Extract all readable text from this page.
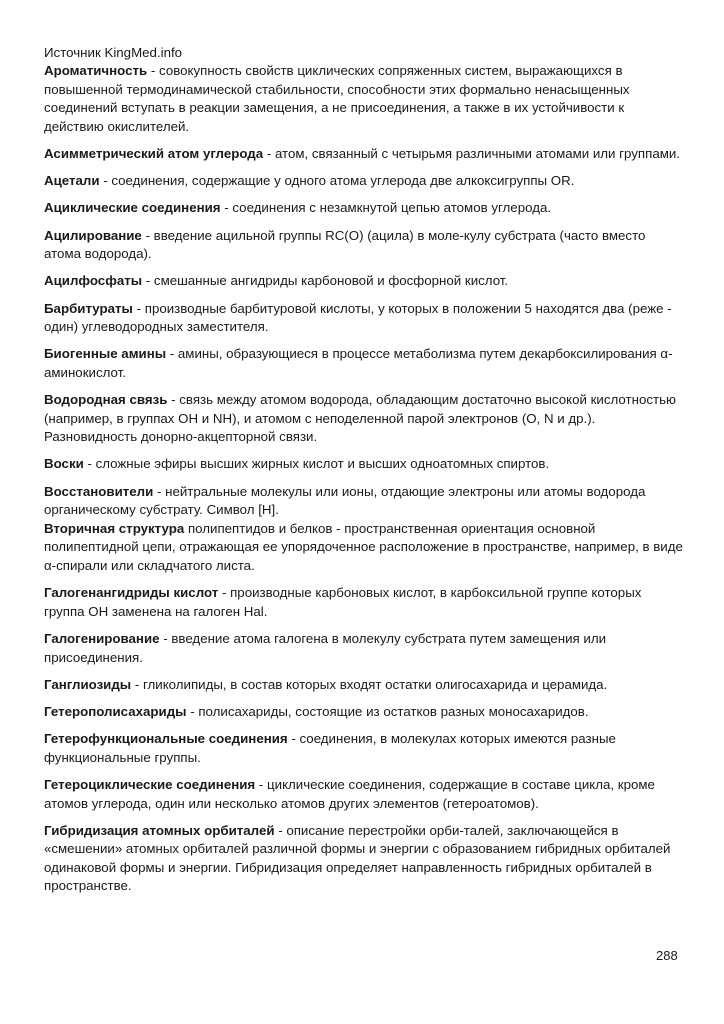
Источник KingMed.info

Ароматичность - совокупность свойств циклических сопряженных систем, выражающихся в повышенной термодинамической стабильности, способности этих формально ненасыщенных соединений вступать в реакции замещения, а не присоединения, а также в их устойчивости к действию окислителей.

Асимметрический атом углерода - атом, связанный с четырьмя различными атомами или группами.

Ацетали - соединения, содержащие у одного атома углерода две алкоксигруппы OR.

Ациклические соединения - соединения с незамкнутой цепью атомов углерода.

Ацилирование - введение ацильной группы RC(O) (ацила) в моле-кулу субстрата (часто вместо атома водорода).

Ацилфосфаты - смешанные ангидриды карбоновой и фосфорной кислот.

Барбитураты - производные барбитуровой кислоты, у которых в положении 5 находятся два (реже - один) углеводородных заместителя.

Биогенные амины - амины, образующиеся в процессе метаболизма путем декарбоксилирования α-аминокислот.

Водородная связь - связь между атомом водорода, обладающим достаточно высокой кислотностью (например, в группах OH и NH), и атомом с неподеленной парой электронов (O, N и др.). Разновидность донорно-акцепторной связи.

Воски - сложные эфиры высших жирных кислот и высших одноатомных спиртов.

Восстановители - нейтральные молекулы или ионы, отдающие электроны или атомы водорода органическому субстрату. Символ [H].

Вторичная структура полипептидов и белков - пространственная ориентация основной полипептидной цепи, отражающая ее упорядоченное расположение в пространстве, например, в виде α-спирали или складчатого листа.

Галогенангидриды кислот - производные карбоновых кислот, в карбоксильной группе которых группа OH заменена на галоген Hal.

Галогенирование - введение атома галогена в молекулу субстрата путем замещения или присоединения.

Ганглиозиды - гликолипиды, в состав которых входят остатки олигосахарида и церамида.

Гетерополисахариды - полисахариды, состоящие из остатков разных моносахаридов.

Гетерофункциональные соединения - соединения, в молекулах которых имеются разные функциональные группы.

Гетероциклические соединения - циклические соединения, содержащие в составе цикла, кроме атомов углерода, один или несколько атомов других элементов (гетероатомов).

Гибридизация атомных орбиталей - описание перестройки орби-талей, заключающейся в «смешении» атомных орбиталей различной формы и энергии с образованием гибридных орбиталей одинаковой формы и энергии. Гибридизация определяет направленность гибридных орбиталей в пространстве.

288
